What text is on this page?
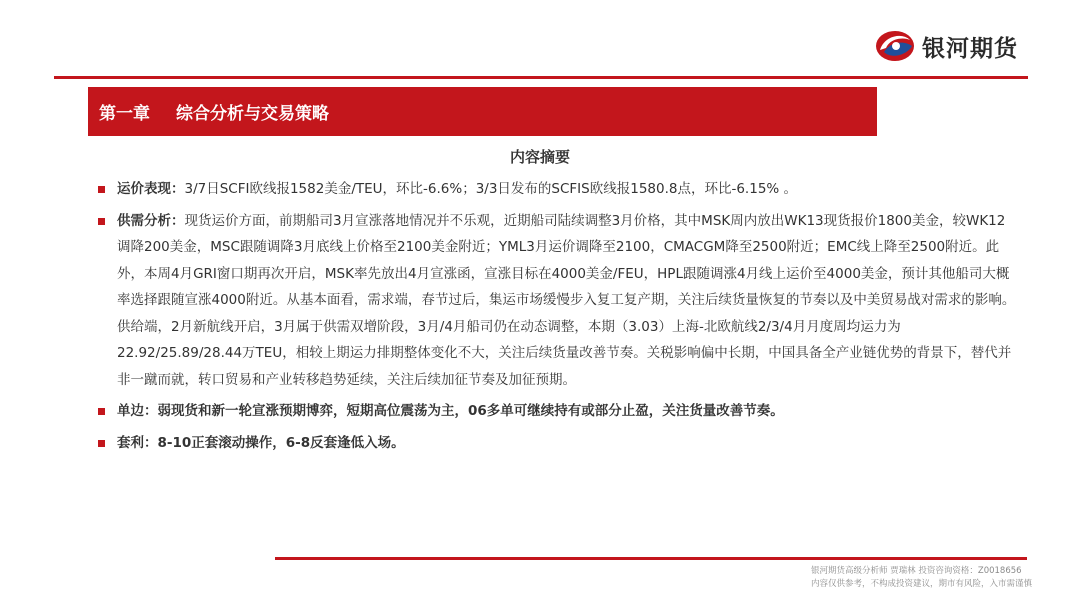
银河期货
第一章 综合分析与交易策略
内容摘要
运价表现：3/7日SCFI欧线报1582美金/TEU，环比-6.6%；3/3日发布的SCFIS欧线报1580.8点，环比-6.15% 。
供需分析：现货运价方面，前期船司3月宣涨落地情况并不乐观，近期船司陆续调整3月价格，其中MSK周内放出WK13现货报价1800美金，较WK12调降200美金，MSC跟随调降3月底线上价格至2100美金附近；YML3月运价调降至2100，CMACGM降至2500附近；EMC线上降至2500附近。此外，本周4月GRI窗口期再次开启，MSK率先放出4月宣涨函，宣涨目标在4000美金/FEU，HPL跟随调涨4月线上运价至4000美金，预计其他船司大概率选择跟随宣涨4000附近。从基本面看，需求端，春节过后，集运市场缓慢步入复工复产期，关注后续货量恢复的节奏以及中美贸易战对需求的影响。供给端，2月新航线开启，3月属于供需双增阶段，3月/4月船司仍在动态调整，本期（3.03）上海-北欧航线2/3/4月月度周均运力为22.92/25.89/28.44万TEU，相较上期运力排期整体变化不大，关注后续货量改善节奏。关税影响偏中长期，中国具备全产业链优势的背景下，替代并非一蹴而就，转口贸易和产业转移趋势延续，关注后续加征节奏及加征预期。
单边：弱现货和新一轮宣涨预期博弈，短期高位震荡为主，06多单可继续持有或部分止盈，关注货量改善节奏。
套利：8-10正套滚动操作，6-8反套逢低入场。
银河期货高级分析师 贾瑞林 投资咨询资格：Z0018656
内容仅供参考，不构成投资建议，期市有风险，入市需谨慎
